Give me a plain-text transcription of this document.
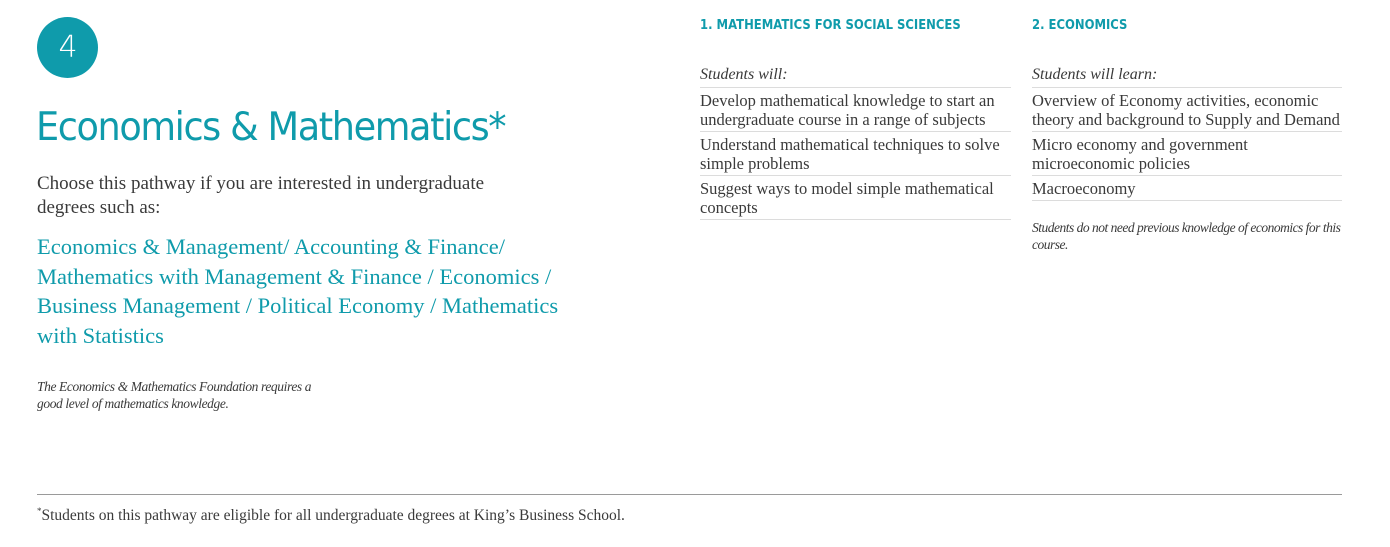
4
Economics & Mathematics*

Choose this pathway if you are interested in undergraduate degrees such as:

Economics & Management/ Accounting & Finance/ Mathematics with Management & Finance / Economics / Business Management / Political Economy / Mathematics with Statistics

The Economics & Mathematics Foundation requires a good level of mathematics knowledge.

1. MATHEMATICS FOR SOCIAL SCIENCES
Students will:
Develop mathematical knowledge to start an undergraduate course in a range of subjects
Understand mathematical techniques to solve simple problems
Suggest ways to model simple mathematical concepts
2. ECONOMICS
Students will learn:
Overview of Economy activities, economic theory and background to Supply and Demand
Micro economy and government microeconomic policies
Macroeconomy
Students do not need previous knowledge of economics for this course.

*Students on this pathway are eligible for all undergraduate degrees at King’s Business School.
